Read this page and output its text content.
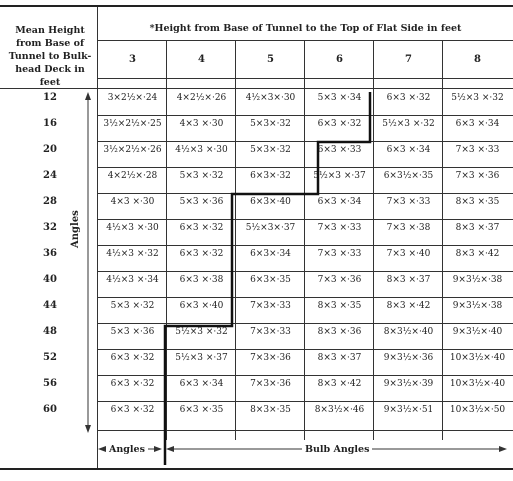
Mean Height
from Base of
Tunnel to Bulk-
head Deck in feet
*Height from Base of Tunnel to the Top of Flat Side in feet
3	4	5	6	7	8
12	3×2½×·24	4×2½×·26	4½×3×·30	5×3 ×·34	6×3 ×·32	5½×3 ×·32
16	3½×2½×·25	4×3 ×·30	5×3×·32	6×3 ×·32	5½×3 ×·32	6×3 ×·34
20	3½×2½×·26	4½×3 ×·30	5×3×·32	6×3 ×·33	6×3 ×·34	7×3 ×·33
24	4×2½×·28	5×3 ×·32	6×3×·32	5½×3 ×·37	6×3½×·35	7×3 ×·36
28	4×3 ×·30	5×3 ×·36	6×3×·40	6×3 ×·34	7×3 ×·33	8×3 ×·35
32	4½×3 ×·30	6×3 ×·32	5½×3×·37	7×3 ×·33	7×3 ×·38	8×3 ×·37
36	4½×3 ×·32	6×3 ×·32	6×3×·34	7×3 ×·33	7×3 ×·40	8×3 ×·42
40	4½×3 ×·34	6×3 ×·38	6×3×·35	7×3 ×·36	8×3 ×·37	9×3½×·38
44	5×3 ×·32	6×3 ×·40	7×3×·33	8×3 ×·35	8×3 ×·42	9×3½×·38
48	5×3 ×·36	5½×3 ×·32	7×3×·33	8×3 ×·36	8×3½×·40	9×3½×·40
52	6×3 ×·32	5½×3 ×·37	7×3×·36	8×3 ×·37	9×3½×·36	10×3½×·40
56	6×3 ×·32	6×3 ×·34	7×3×·36	8×3 ×·42	9×3½×·39	10×3½×·40
60	6×3 ×·32	6×3 ×·35	8×3×·35	8×3½×·46	9×3½×·51	10×3½×·50
Angles
Angles	Bulb Angles
